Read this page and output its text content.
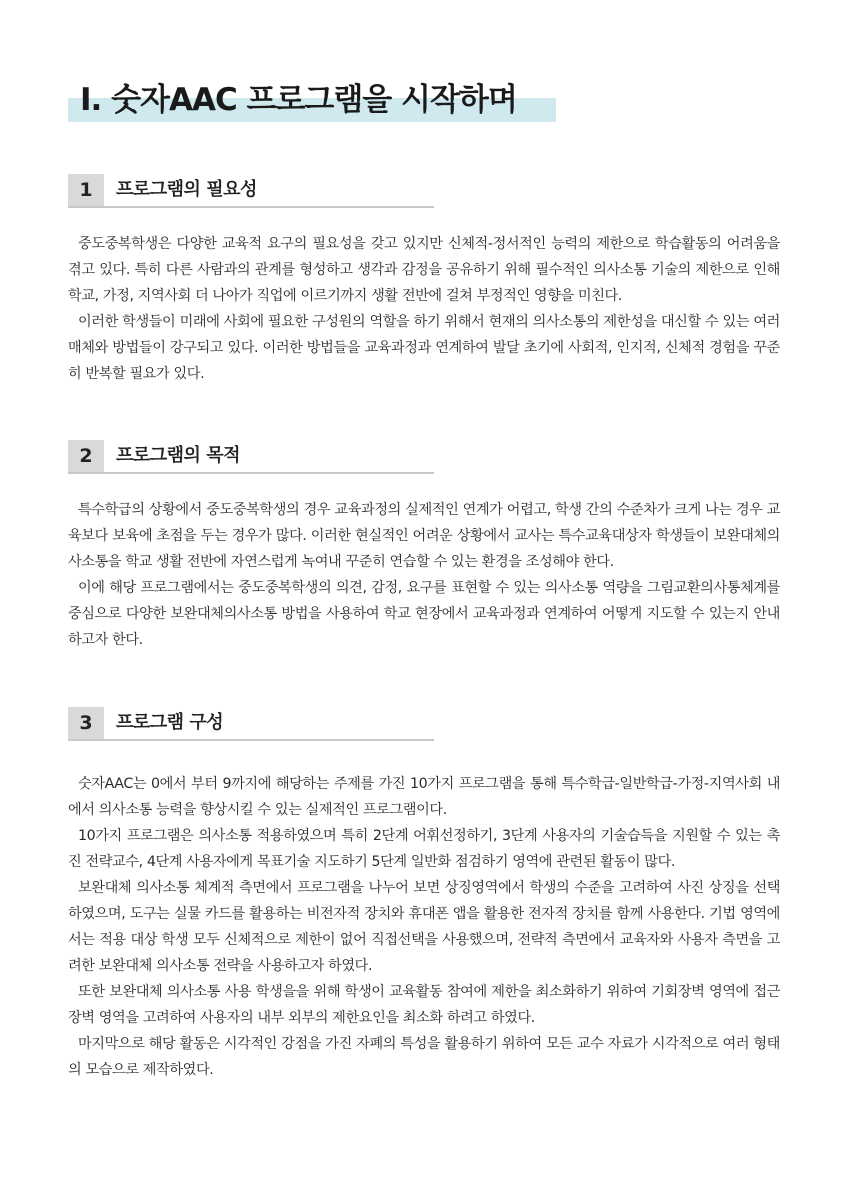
Ⅰ. 숫자AAC 프로그램을 시작하며
1	프로그램의 필요성

중도중복학생은 다양한 교육적 요구의 필요성을 갖고 있지만 신체적-정서적인 능력의 제한으로 학습활동의 어려움을 겪고 있다. 특히 다른 사람과의 관계를 형성하고 생각과 감정을 공유하기 위해 필수적인 의사소통 기술의 제한으로 인해 학교, 가정, 지역사회 더 나아가 직업에 이르기까지 생활 전반에 걸쳐 부정적인 영향을 미친다.

이러한 학생들이 미래에 사회에 필요한 구성원의 역할을 하기 위해서 현재의 의사소통의 제한성을 대신할 수 있는 여러 매체와 방법들이 강구되고 있다. 이러한 방법들을 교육과정과 연계하여 발달 초기에 사회적, 인지적, 신체적 경험을 꾸준히 반복할 필요가 있다.

2	프로그램의 목적

특수학급의 상황에서 중도중복학생의 경우 교육과정의 실제적인 연계가 어렵고, 학생 간의 수준차가 크게 나는 경우 교육보다 보육에 초점을 두는 경우가 많다. 이러한 현실적인 어려운 상황에서 교사는 특수교육대상자 학생들이 보완대체의사소통을 학교 생활 전반에 자연스럽게 녹여내 꾸준히 연습할 수 있는 환경을 조성해야 한다.

이에 해당 프로그램에서는 중도중복학생의 의견, 감정, 요구를 표현할 수 있는 의사소통 역량을 그림교환의사통체계를 중심으로 다양한 보완대체의사소통 방법을 사용하여 학교 현장에서 교육과정과 연계하여 어떻게 지도할 수 있는지 안내하고자 한다.

3	프로그램 구성

숫자AAC는 0에서 부터 9까지에 해당하는 주제를 가진 10가지 프로그램을 통해 특수학급-일반학급-가정-지역사회 내에서 의사소통 능력을 향상시킬 수 있는 실제적인 프로그램이다.

10가지 프로그램은 의사소통 적용하였으며 특히 2단계 어휘선정하기, 3단계 사용자의 기술습득을 지원할 수 있는 촉진 전략교수, 4단계 사용자에게 목표기술 지도하기 5단계 일반화 점검하기 영역에 관련된 활동이 많다.

보완대체 의사소통 체계적 측면에서 프로그램을 나누어 보면 상징영역에서 학생의 수준을 고려하여 사진 상징을 선택하였으며, 도구는 실물 카드를 활용하는 비전자적 장치와 휴대폰 앱을 활용한 전자적 장치를 함께 사용한다. 기법 영역에서는 적용 대상 학생 모두 신체적으로 제한이 없어 직접선택을 사용했으며, 전략적 측면에서 교육자와 사용자 측면을 고려한 보완대체 의사소통 전략을 사용하고자 하였다.

또한 보완대체 의사소통 사용 학생을을 위해 학생이 교육활동 참여에 제한을 최소화하기 위하여 기회장벽 영역에 접근장벽 영역을 고려하여 사용자의 내부 외부의 제한요인을 최소화 하려고 하였다.

마지막으로 해당 활동은 시각적인 강점을 가진 자폐의 특성을 활용하기 위하여 모든 교수 자료가 시각적으로 여러 형태의 모습으로 제작하였다.
